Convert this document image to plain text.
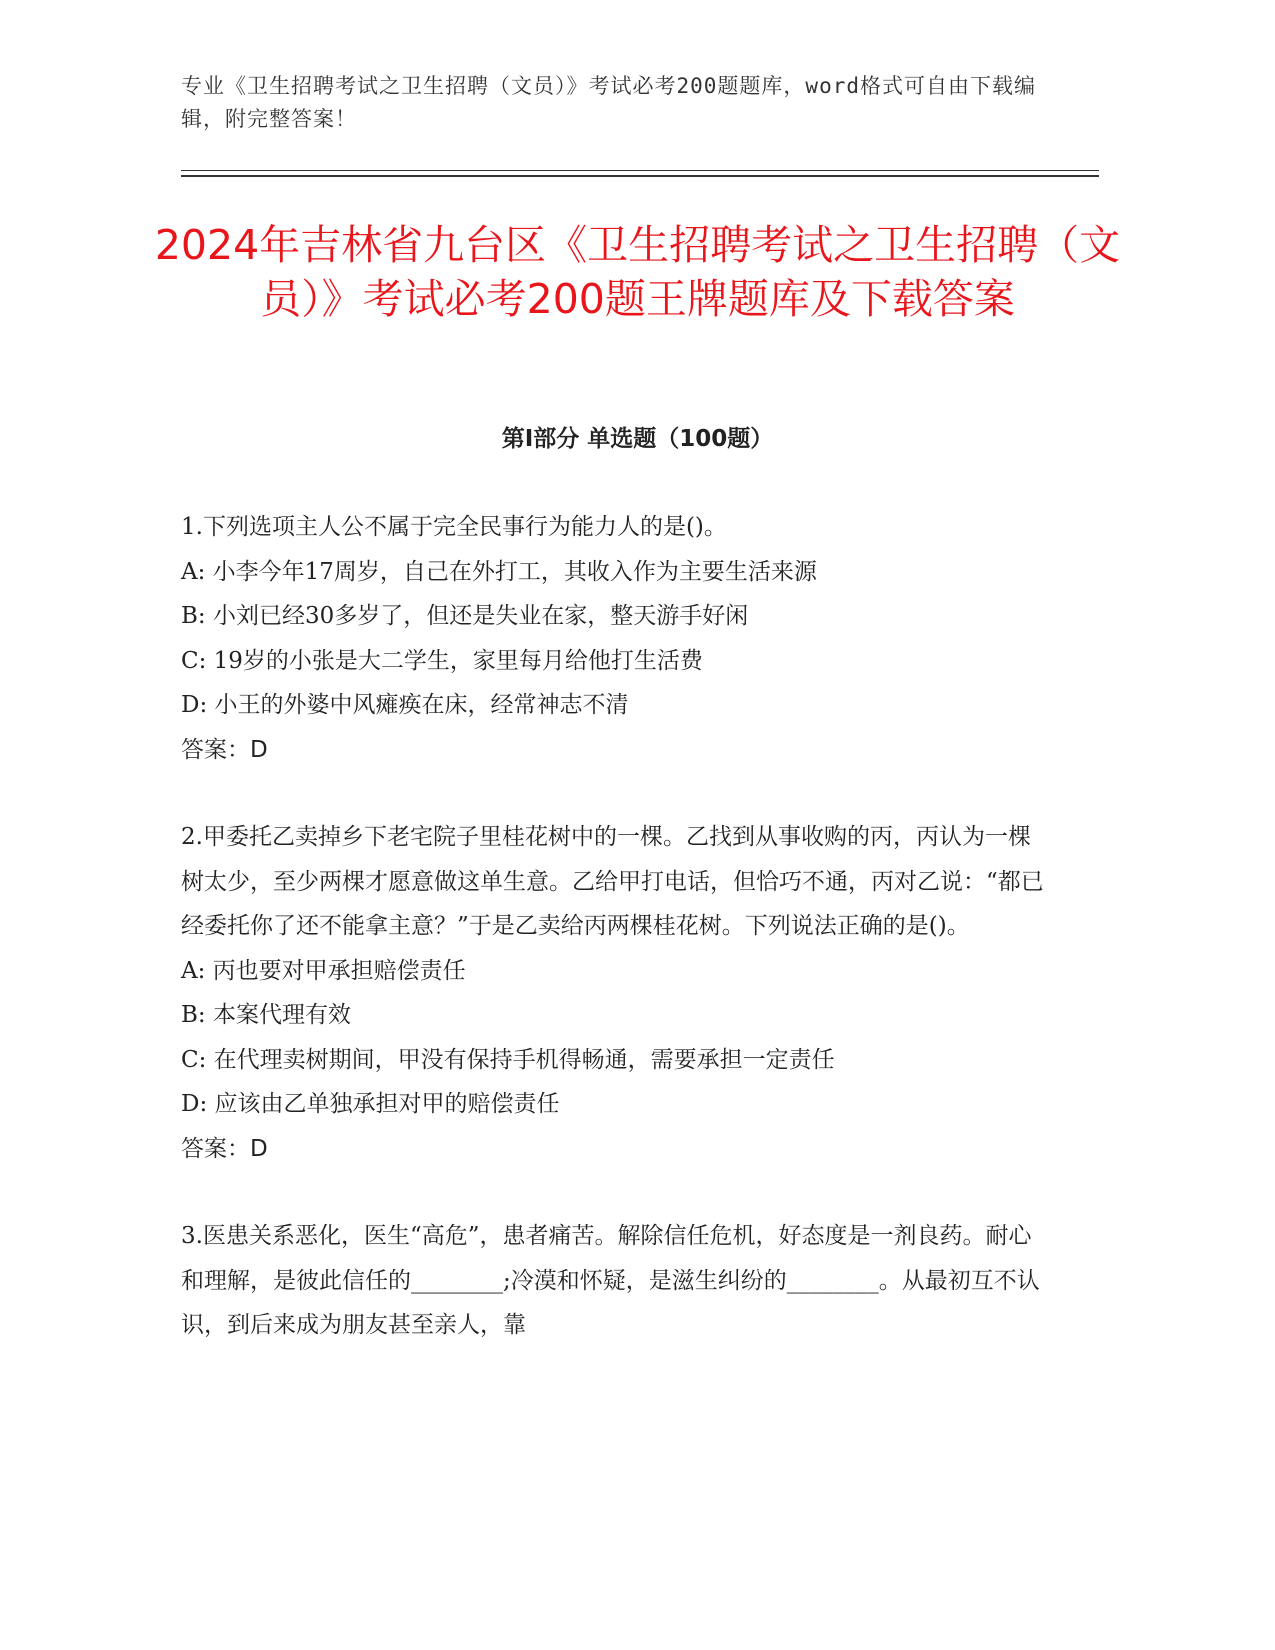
专业《卫生招聘考试之卫生招聘（文员）》考试必考200题题库，word格式可自由下载编辑，附完整答案！
2024年吉林省九台区《卫生招聘考试之卫生招聘（文员）》考试必考200题王牌题库及下载答案
第Ⅰ部分 单选题（100题）

1.下列选项主人公不属于完全民事行为能力人的是()。

A: 小李今年17周岁，自己在外打工，其收入作为主要生活来源

B: 小刘已经30多岁了，但还是失业在家，整天游手好闲

C: 19岁的小张是大二学生，家里每月给他打生活费

D: 小王的外婆中风瘫痪在床，经常神志不清

答案：D

2.甲委托乙卖掉乡下老宅院子里桂花树中的一棵。乙找到从事收购的丙，丙认为一棵树太少，至少两棵才愿意做这单生意。乙给甲打电话，但恰巧不通，丙对乙说：“都已经委托你了还不能拿主意？”于是乙卖给丙两棵桂花树。下列说法正确的是()。

A: 丙也要对甲承担赔偿责任

B: 本案代理有效

C: 在代理卖树期间，甲没有保持手机得畅通，需要承担一定责任

D: 应该由乙单独承担对甲的赔偿责任

答案：D

3.医患关系恶化，医生“高危”，患者痛苦。解除信任危机，好态度是一剂良药。耐心和理解，是彼此信任的________;冷漠和怀疑，是滋生纠纷的________。从最初互不认识，到后来成为朋友甚至亲人，靠
